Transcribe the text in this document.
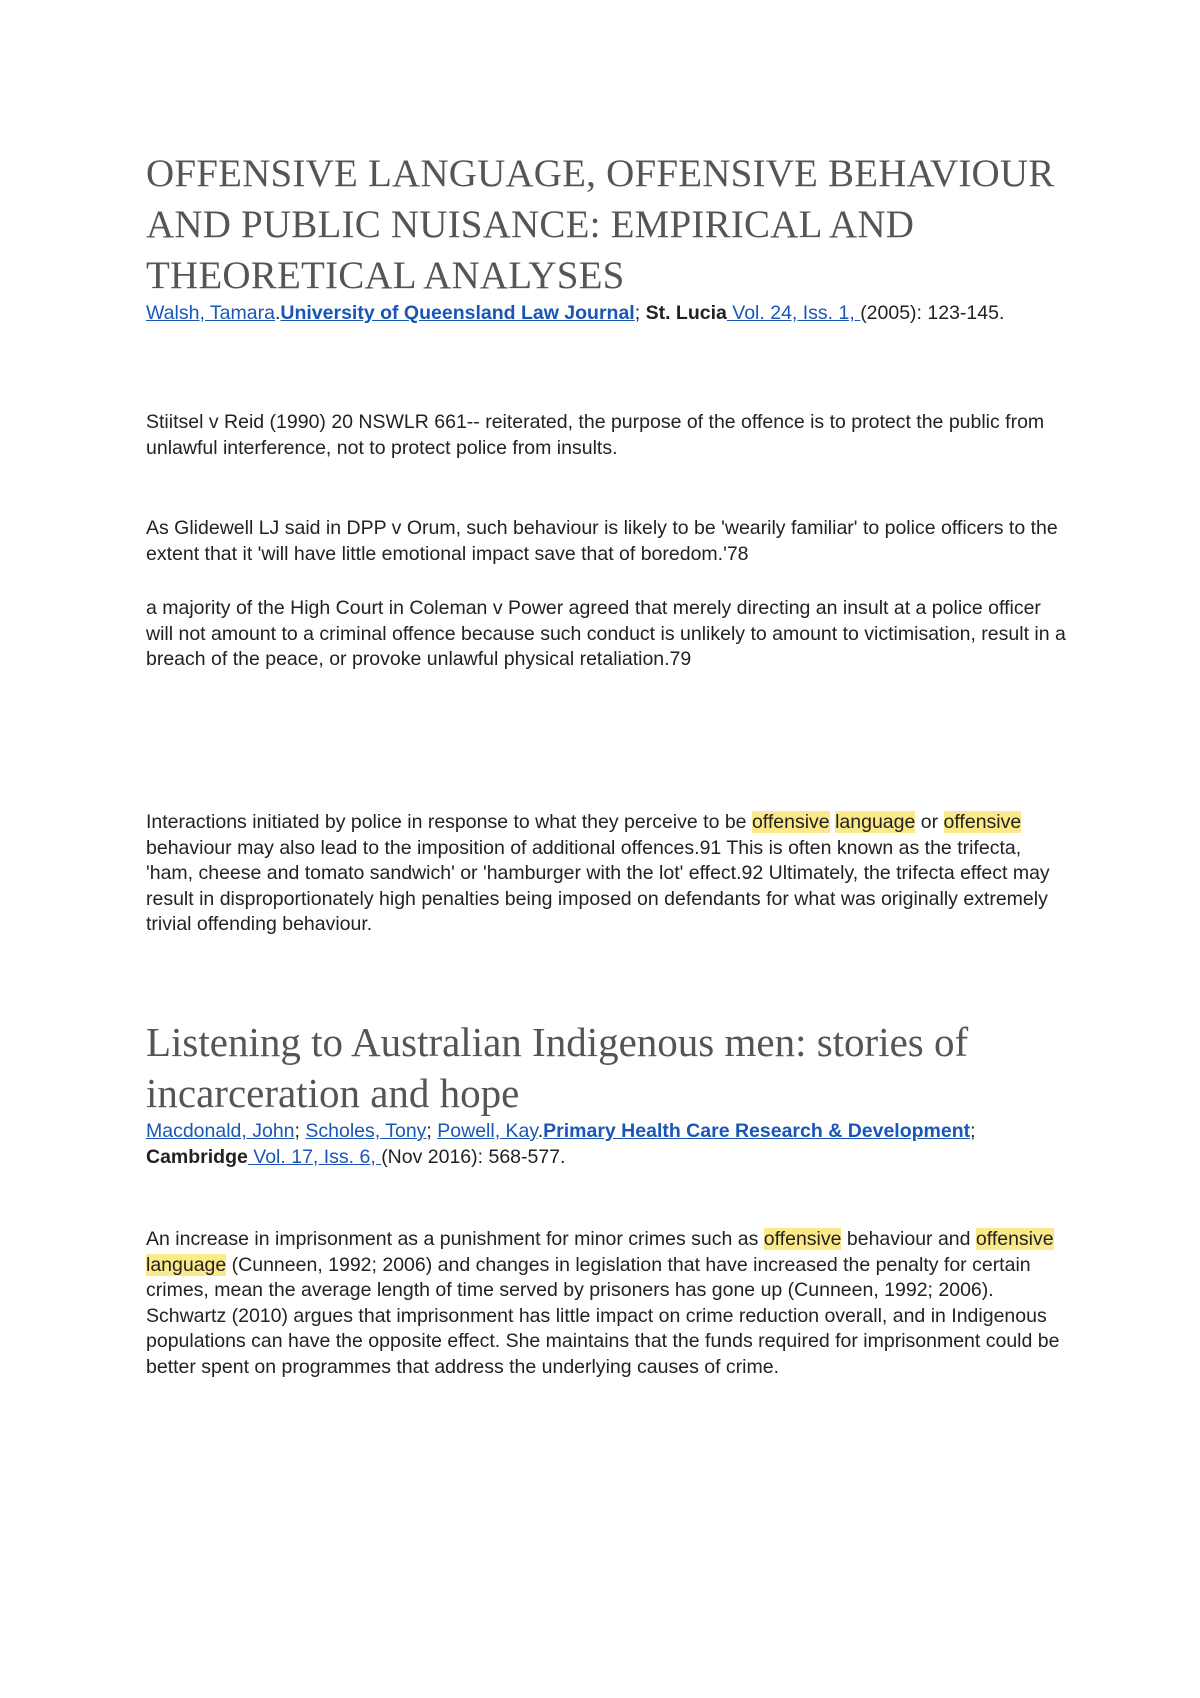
OFFENSIVE LANGUAGE, OFFENSIVE BEHAVIOUR AND PUBLIC NUISANCE: EMPIRICAL AND THEORETICAL ANALYSES
Walsh, Tamara.University of Queensland Law Journal; St. Lucia Vol. 24, Iss. 1, (2005): 123-145.
Stiitsel v Reid (1990) 20 NSWLR 661-- reiterated, the purpose of the offence is to protect the public from unlawful interference, not to protect police from insults.
As Glidewell LJ said in DPP v Orum, such behaviour is likely to be 'wearily familiar' to police officers to the extent that it 'will have little emotional impact save that of boredom.'78
a majority of the High Court in Coleman v Power agreed that merely directing an insult at a police officer will not amount to a criminal offence because such conduct is unlikely to amount to victimisation, result in a breach of the peace, or provoke unlawful physical retaliation.79
Interactions initiated by police in response to what they perceive to be offensive language or offensive behaviour may also lead to the imposition of additional offences.91 This is often known as the trifecta, 'ham, cheese and tomato sandwich' or 'hamburger with the lot' effect.92 Ultimately, the trifecta effect may result in disproportionately high penalties being imposed on defendants for what was originally extremely trivial offending behaviour.
Listening to Australian Indigenous men: stories of incarceration and hope
Macdonald, John; Scholes, Tony; Powell, Kay.Primary Health Care Research & Development; Cambridge Vol. 17, Iss. 6, (Nov 2016): 568-577.
An increase in imprisonment as a punishment for minor crimes such as offensive behaviour and offensive language (Cunneen, 1992; 2006) and changes in legislation that have increased the penalty for certain crimes, mean the average length of time served by prisoners has gone up (Cunneen, 1992; 2006). Schwartz (2010) argues that imprisonment has little impact on crime reduction overall, and in Indigenous populations can have the opposite effect. She maintains that the funds required for imprisonment could be better spent on programmes that address the underlying causes of crime.
